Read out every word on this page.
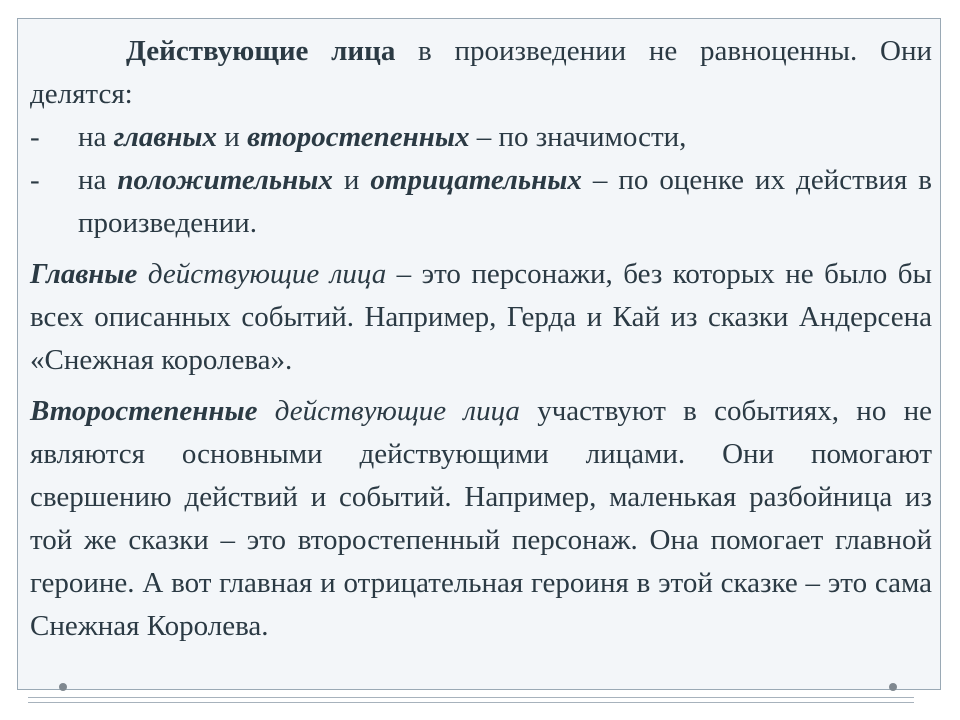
Действующие лица в произведении не равноценны. Они делятся:

-	на главных и второстепенных – по значимости,
-	на положительных и отрицательных – по оценке их действия в произведении.

Главные действующие лица – это персонажи, без которых не было бы всех описанных событий. Например, Герда и Кай из сказки Андерсена «Снежная королева».

Второстепенные действующие лица участвуют в событиях, но не являются основными действующими лицами. Они помогают свершению действий и событий. Например, маленькая разбойница из той же сказки – это второстепенный персонаж. Она помогает главной героине. А вот главная и отрицательная героиня в этой сказке – это сама Снежная Королева.
